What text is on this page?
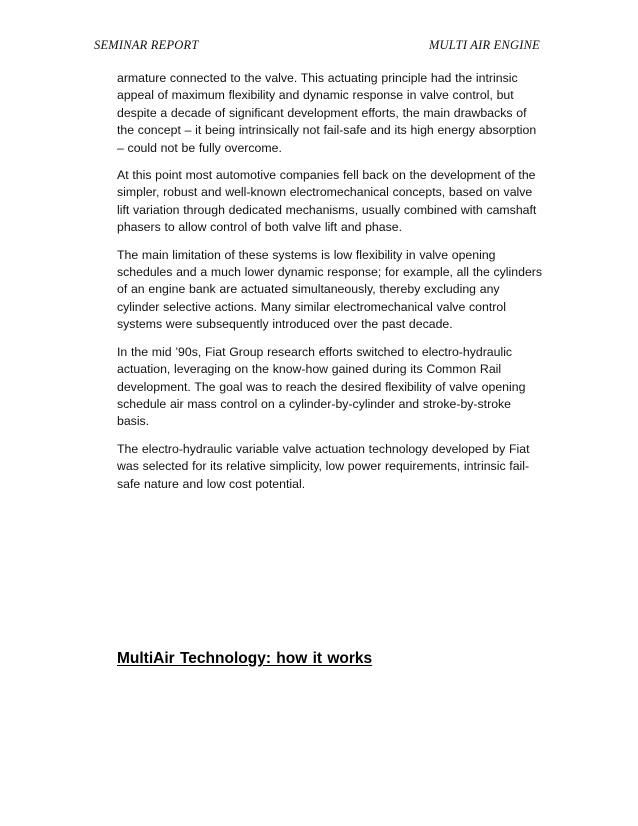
SEMINAR REPORT	MULTI AIR ENGINE

armature connected to the valve. This actuating principle had the intrinsic appeal of maximum flexibility and dynamic response in valve control, but despite a decade of significant development efforts, the main drawbacks of the concept – it being intrinsically not fail-safe and its high energy absorption – could not be fully overcome.

At this point most automotive companies fell back on the development of the simpler, robust and well-known electromechanical concepts, based on valve lift variation through dedicated mechanisms, usually combined with camshaft phasers to allow control of both valve lift and phase.

The main limitation of these systems is low flexibility in valve opening schedules and a much lower dynamic response; for example, all the cylinders of an engine bank are actuated simultaneously, thereby excluding any cylinder selective actions. Many similar electromechanical valve control systems were subsequently introduced over the past decade.

In the mid ’90s, Fiat Group research efforts switched to electro-hydraulic actuation, leveraging on the know-how gained during its Common Rail development. The goal was to reach the desired flexibility of valve opening schedule air mass control on a cylinder-by-cylinder and stroke-by-stroke basis.

The electro-hydraulic variable valve actuation technology developed by Fiat was selected for its relative simplicity, low power requirements, intrinsic fail-safe nature and low cost potential.

MultiAir Technology: how it works
